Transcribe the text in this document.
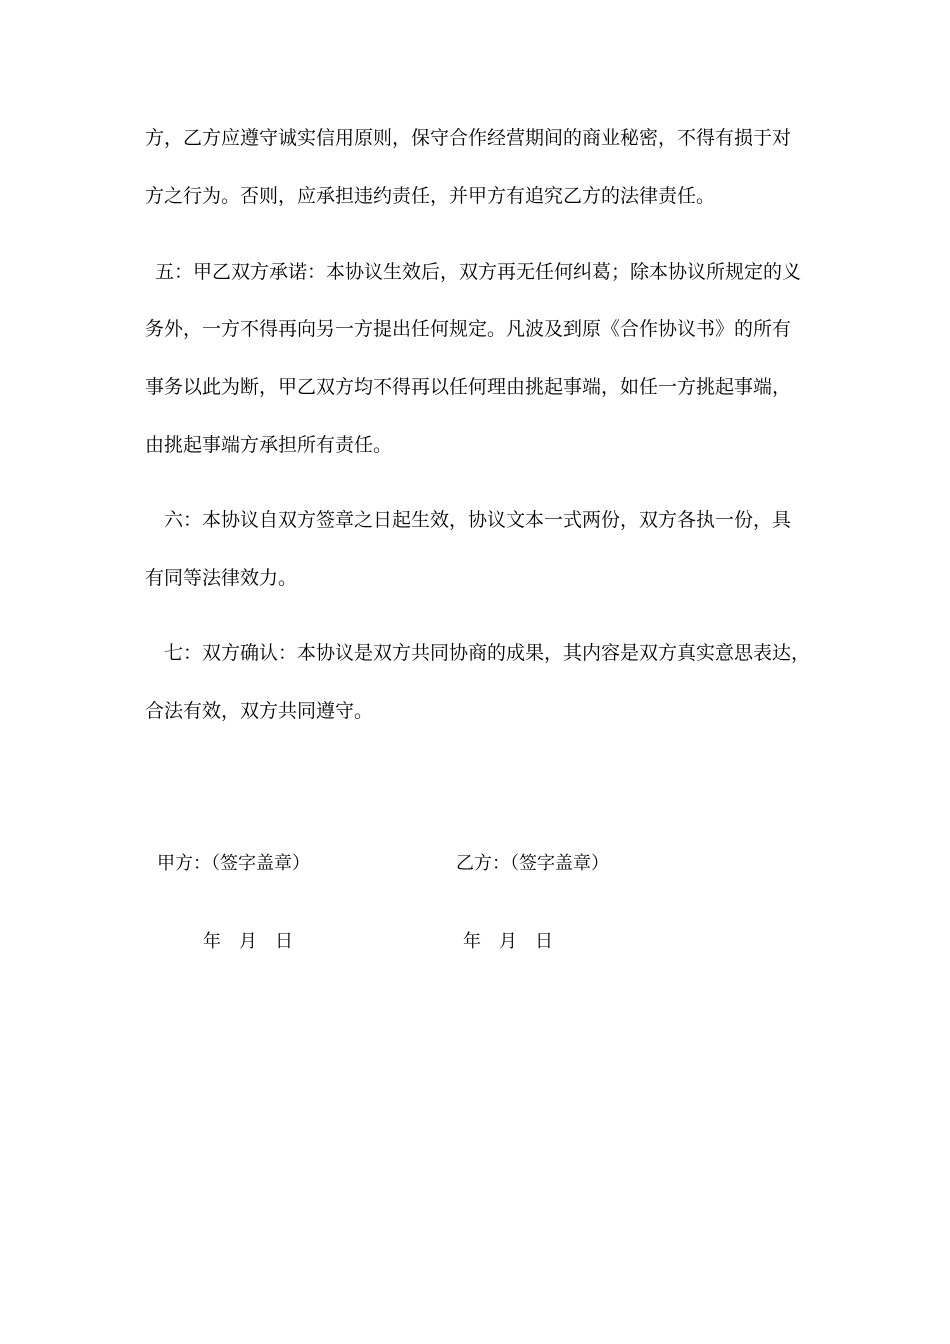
方，乙方应遵守诚实信用原则，保守合作经营期间的商业秘密，不得有损于对
方之行为。否则，应承担违约责任，并甲方有追究乙方的法律责任。
五：甲乙双方承诺：本协议生效后，双方再无任何纠葛；除本协议所规定的义
务外，一方不得再向另一方提出任何规定。凡波及到原《合作协议书》的所有
事务以此为断，甲乙双方均不得再以任何理由挑起事端，如任一方挑起事端，
由挑起事端方承担所有责任。
六：本协议自双方签章之日起生效，协议文本一式两份，双方各执一份，具
有同等法律效力。
七：双方确认：本协议是双方共同协商的成果，其内容是双方真实意思表达，
合法有效，双方共同遵守。
甲方：（签字盖章）	乙方：（签字盖章）
年　月　日	年　月　日
